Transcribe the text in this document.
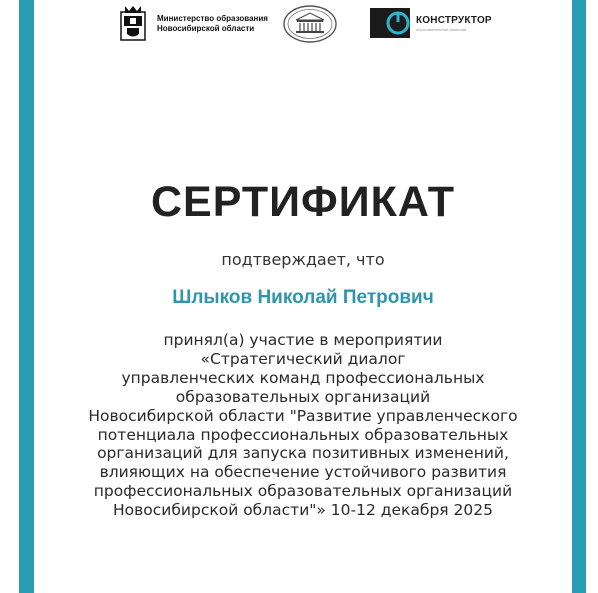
Министерство образования
Новосибирской области
КОНСТРУКТОР
образовательных решений
СЕРТИФИКАТ
подтверждает, что
Шлыков Николай Петрович
принял(а) участие в мероприятии
«Стратегический диалог
управленческих команд профессиональных
образовательных организаций
Новосибирской области "Развитие управленческого
потенциала профессиональных образовательных
организаций для запуска позитивных изменений,
влияющих на обеспечение устойчивого развития
профессиональных образовательных организаций
Новосибирской области"» 10-12 декабря 2025
